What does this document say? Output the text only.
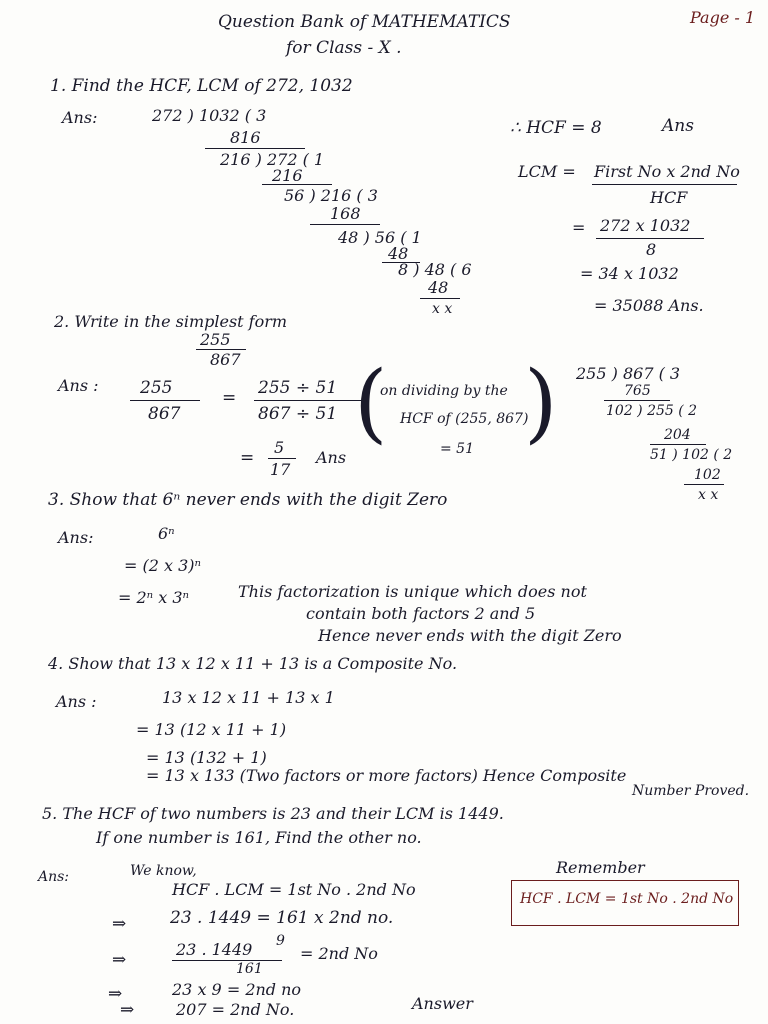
Question Bank of MATHEMATICS
for Class - X .
Page - 1
1. Find the HCF, LCM of 272, 1032
Ans:	272 ) 1032 ( 3
816
216 ) 272 ( 1
216
56 ) 216 ( 3
168
48 ) 56 ( 1
48
8 ) 48 ( 6
48
x x
∴ HCF = 8	Ans
LCM = First No x 2nd No
HCF
= 272 x 1032
8
= 34 x 1032
= 35088 Ans.
2. Write in the simplest form
255
867
Ans : 255
867
= 255 ÷ 51
867 ÷ 51 (
on dividing by the
HCF of (255, 867)
= 51 )
=
5
17
Ans
255 ) 867 ( 3
765
102 ) 255 ( 2
204
51 ) 102 ( 2
102
x x
3. Show that 6ⁿ never ends with the digit Zero
Ans:	6ⁿ
= (2 x 3)ⁿ
= 2ⁿ x 3ⁿ	This factorization is unique which does not
contain both factors 2 and 5
Hence never ends with the digit Zero
4. Show that 13 x 12 x 11 + 13 is a Composite No.
Ans :	13 x 12 x 11 + 13 x 1
= 13 (12 x 11 + 1)
= 13 (132 + 1)
= 13 x 133 (Two factors or more factors) Hence Composite
Number Proved.
5. The HCF of two numbers is 23 and their LCM is 1449.
If one number is 161, Find the other no.
Ans:	We know,
HCF . LCM = 1st No . 2nd No
⇒	23 . 1449 = 161 x 2nd no.
⇒
23 . 1449 9
161
= 2nd No
⇒	23 x 9 = 2nd no
⇒	207 = 2nd No.	Answer
Remember
HCF . LCM = 1st No . 2nd No
